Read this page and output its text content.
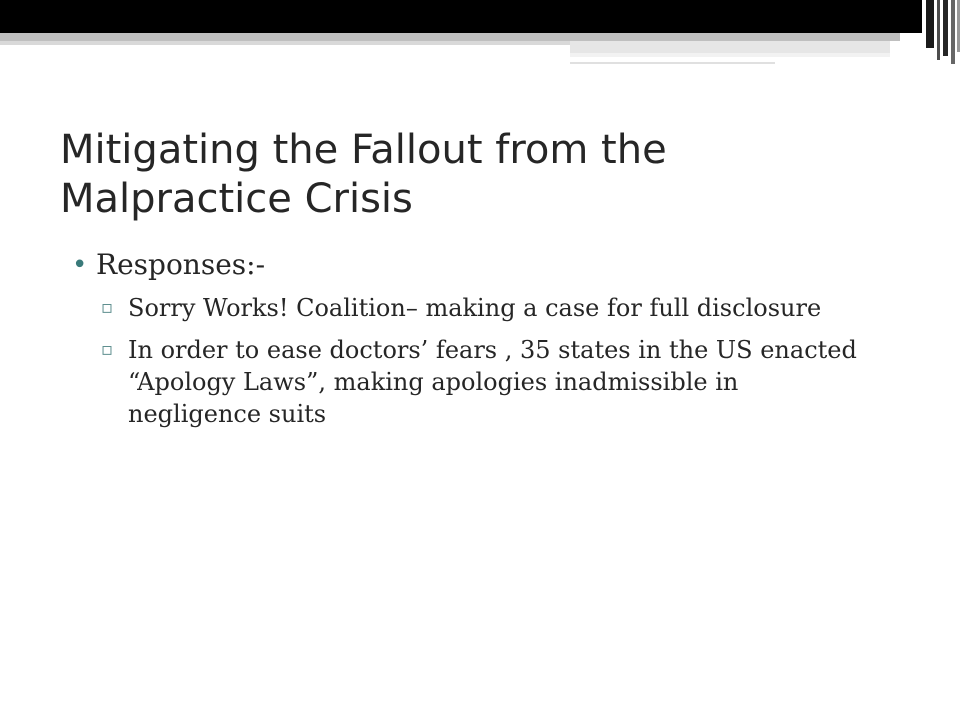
Mitigating the Fallout from the Malpractice Crisis
• Responses:-
▫ Sorry Works! Coalition– making a case for full disclosure
▫ In order to ease doctors’ fears , 35 states in the US enacted “Apology Laws”, making apologies inadmissible in negligence suits
